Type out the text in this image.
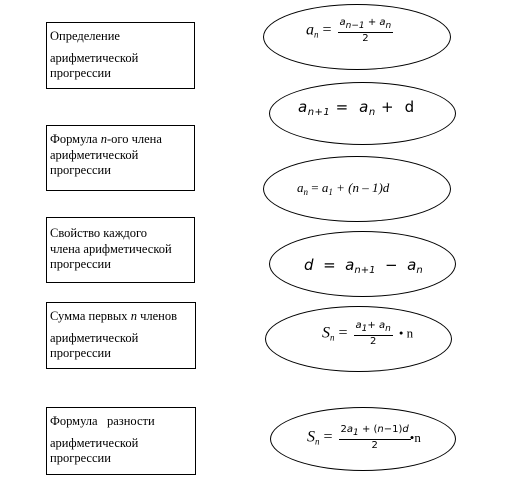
Определение
арифметической
прогрессии
Формула n-ого члена
арифметической
прогрессии
Свойство каждого
члена арифметической
прогрессии
Сумма первых n членов
арифметической
прогрессии
Формула   разности
арифметической
прогрессии
$a_n = \frac{a_{n-1} + a_n}{2}$
$a_{n+1} = a_n + d$
$a_n = a_1 + (n - 1)d$
$d = a_{n+1} - a_n$
$S_n = \frac{a_1+ a_n}{2}$ • n
$S_n = \frac{2a_1 + (n-1)d}{2}$ •n
